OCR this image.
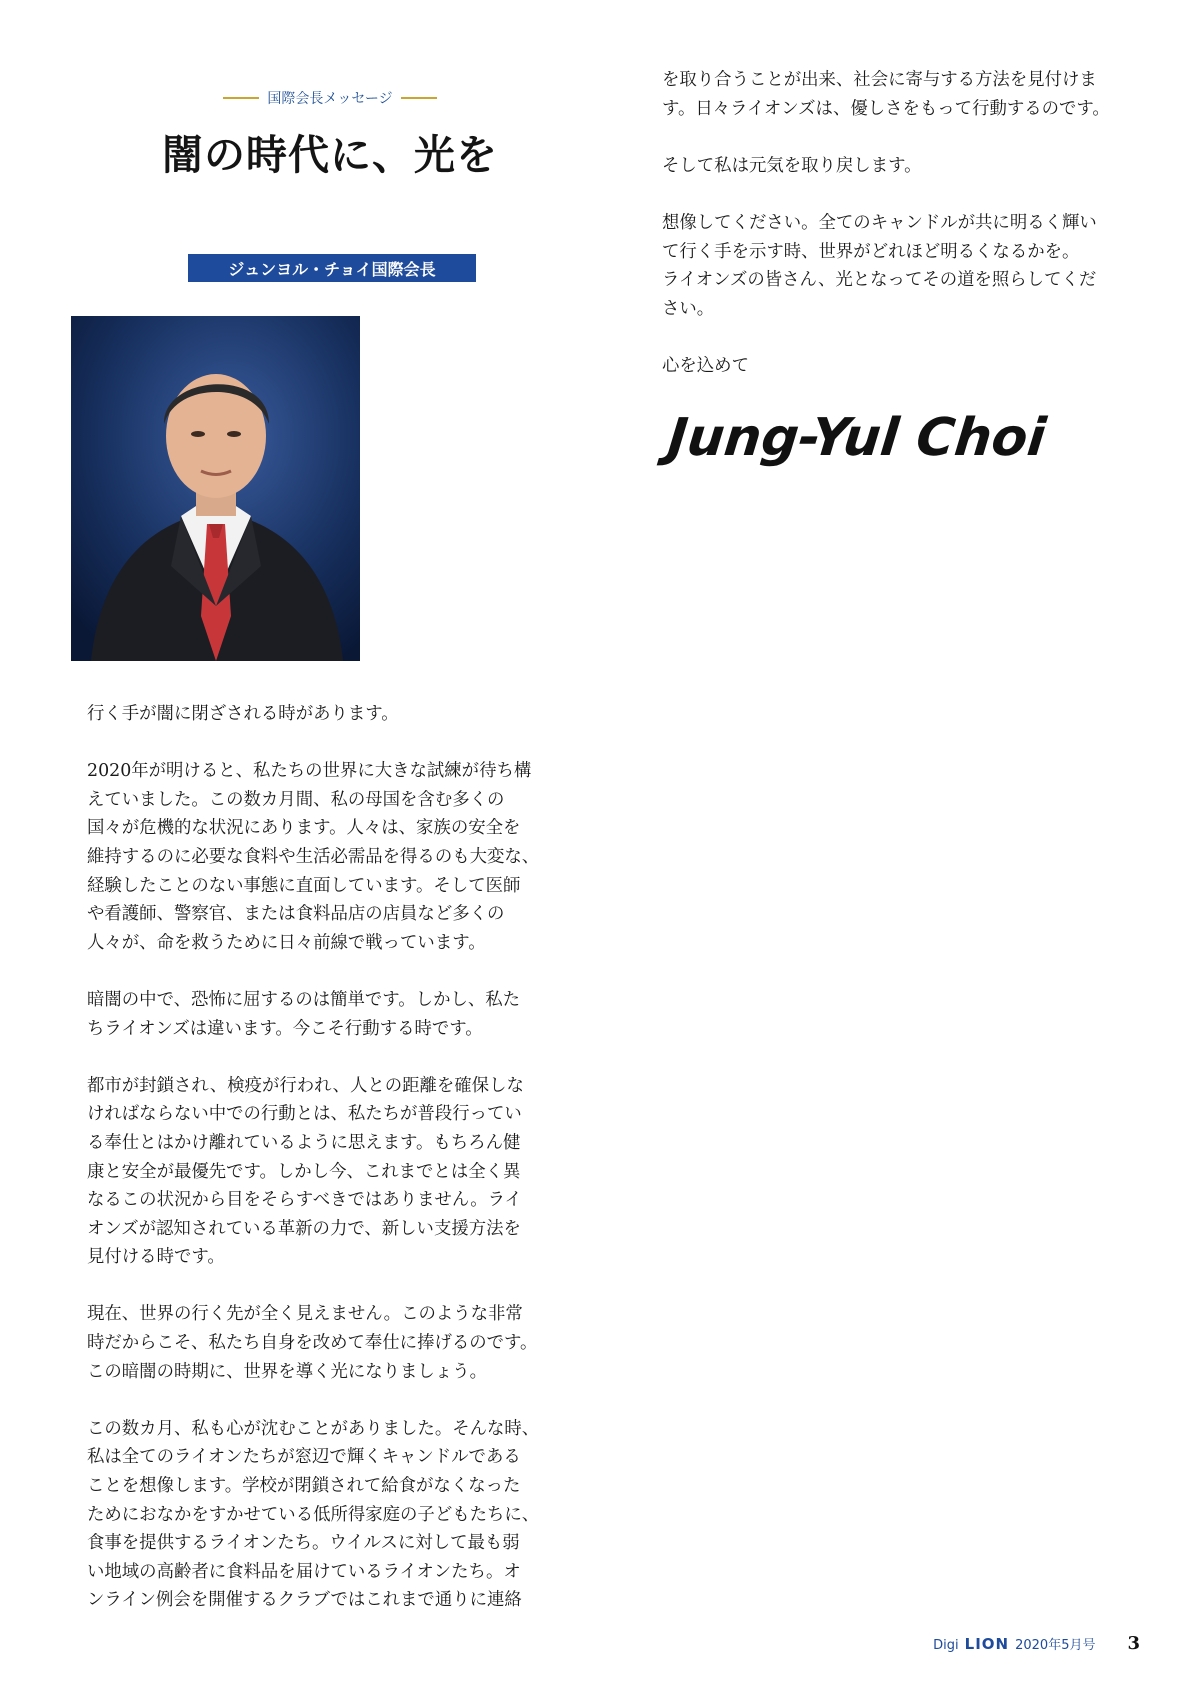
国際会長メッセージ
闇の時代に、光を
ジュンヨル・チョイ国際会長

行く手が闇に閉ざされる時があります。

2020年が明けると、私たちの世界に大きな試練が待ち構
えていました。この数カ月間、私の母国を含む多くの
国々が危機的な状況にあります。人々は、家族の安全を
維持するのに必要な食料や生活必需品を得るのも大変な、
経験したことのない事態に直面しています。そして医師
や看護師、警察官、または食料品店の店員など多くの
人々が、命を救うために日々前線で戦っています。

暗闇の中で、恐怖に屈するのは簡単です。しかし、私た
ちライオンズは違います。今こそ行動する時です。

都市が封鎖され、検疫が行われ、人との距離を確保しな
ければならない中での行動とは、私たちが普段行ってい
る奉仕とはかけ離れているように思えます。もちろん健
康と安全が最優先です。しかし今、これまでとは全く異
なるこの状況から目をそらすべきではありません。ライ
オンズが認知されている革新の力で、新しい支援方法を
見付ける時です。

現在、世界の行く先が全く見えません。このような非常
時だからこそ、私たち自身を改めて奉仕に捧げるのです。
この暗闇の時期に、世界を導く光になりましょう。

この数カ月、私も心が沈むことがありました。そんな時、
私は全てのライオンたちが窓辺で輝くキャンドルである
ことを想像します。学校が閉鎖されて給食がなくなった
ためにおなかをすかせている低所得家庭の子どもたちに、
食事を提供するライオンたち。ウイルスに対して最も弱
い地域の高齢者に食料品を届けているライオンたち。オ
ンライン例会を開催するクラブではこれまで通りに連絡

を取り合うことが出来、社会に寄与する方法を見付けま
す。日々ライオンズは、優しさをもって行動するのです。

そして私は元気を取り戻します。

想像してください。全てのキャンドルが共に明るく輝い
て行く手を示す時、世界がどれほど明るくなるかを。
ライオンズの皆さん、光となってその道を照らしてくだ
さい。

心を込めて

Jung-Yul Choi
Digi LION 2020年5月号 3
